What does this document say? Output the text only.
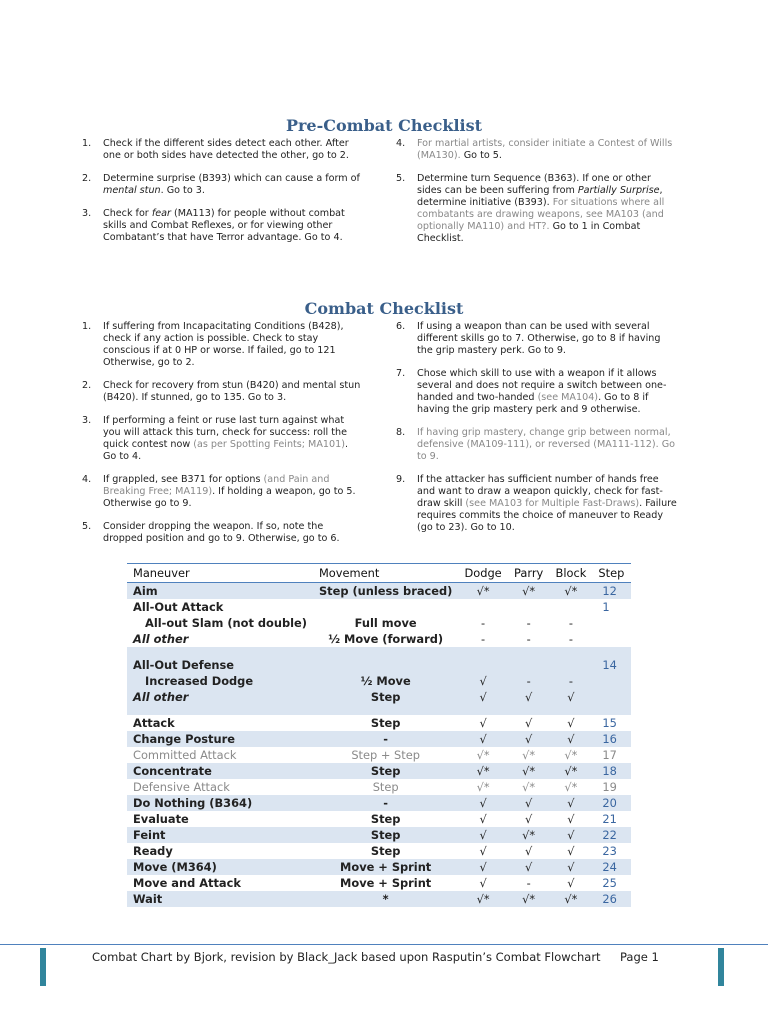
Pre-Combat Checklist
1. Check if the different sides detect each other. After one or both sides have detected the other, go to 2.
2. Determine surprise (B393) which can cause a form of mental stun. Go to 3.
3. Check for fear (MA113) for people without combat skills and Combat Reflexes, or for viewing other Combatant’s that have Terror advantage. Go to 4.
4. For martial artists, consider initiate a Contest of Wills (MA130). Go to 5.
5. Determine turn Sequence (B363). If one or other sides can be been suffering from Partially Surprise, determine initiative (B393). For situations where all combatants are drawing weapons, see MA103 (and optionally MA110) and HT?. Go to 1 in Combat Checklist.
Combat Checklist
1. If suffering from Incapacitating Conditions (B428), check if any action is possible. Check to stay conscious if at 0 HP or worse. If failed, go to 121 Otherwise, go to 2.
2. Check for recovery from stun (B420) and mental stun (B420). If stunned, go to 135. Go to 3.
3. If performing a feint or ruse last turn against what you will attack this turn, check for success: roll the quick contest now (as per Spotting Feints; MA101). Go to 4.
4. If grappled, see B371 for options (and Pain and Breaking Free; MA119). If holding a weapon, go to 5. Otherwise go to 9.
5. Consider dropping the weapon. If so, note the dropped position and go to 9. Otherwise, go to 6.
6. If using a weapon than can be used with several different skills go to 7. Otherwise, go to 8 if having the grip mastery perk. Go to 9.
7. Chose which skill to use with a weapon if it allows several and does not require a switch between one-handed and two-handed (see MA104). Go to 8 if having the grip mastery perk and 9 otherwise.
8. If having grip mastery, change grip between normal, defensive (MA109-111), or reversed (MA111-112). Go to 9.
9. If the attacker has sufficient number of hands free and want to draw a weapon quickly, check for fast-draw skill (see MA103 for Multiple Fast-Draws). Failure requires commits the choice of maneuver to Ready (go to 23). Go to 10.
Maneuver	Movement	Dodge	Parry	Block	Step
Aim	Step (unless braced)	√*	√*	√*	12
All-Out Attack					1
All-out Slam (not double)	Full move	-	-	-	
All other	½ Move (forward)	-	-	-	

All-Out Defense					14
Increased Dodge	½ Move	√	-	-	
All other	Step	√	√	√	

Attack	Step	√	√	√	15
Change Posture	-	√	√	√	16
Committed Attack	Step + Step	√*	√*	√*	17
Concentrate	Step	√*	√*	√*	18
Defensive Attack	Step	√*	√*	√*	19
Do Nothing (B364)	-	√	√	√	20
Evaluate	Step	√	√	√	21
Feint	Step	√	√*	√	22
Ready	Step	√	√	√	23
Move (M364)	Move + Sprint	√	√	√	24
Move and Attack	Move + Sprint	√	-	√	25
Wait	*	√*	√*	√*	26
Combat Chart by Bjork, revision by Black_Jack based upon Rasputin’s Combat Flowchart Page 1
